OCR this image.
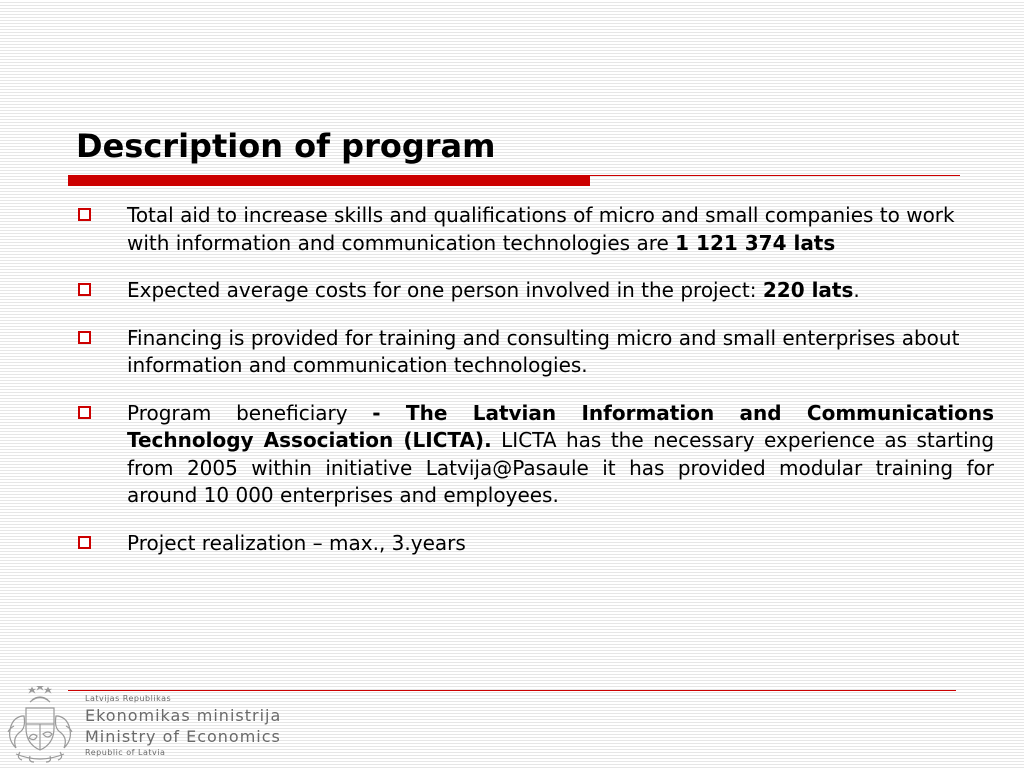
Description of program
Total aid to increase skills and qualifications of micro and small companies to work with information and communication technologies are 1 121 374 lats
Expected average costs for one person involved in the project: 220 lats.
Financing is provided for training and consulting micro and small enterprises about information and communication technologies.
Program beneficiary - The Latvian Information and Communications Technology Association (LICTA). LICTA has the necessary experience as starting from 2005 within initiative Latvija@Pasaule it has provided modular training for around 10 000 enterprises and employees.
Project realization – max., 3.years
Latvijas Republikas
Ekonomikas ministrija
Ministry of Economics
Republic of Latvia
